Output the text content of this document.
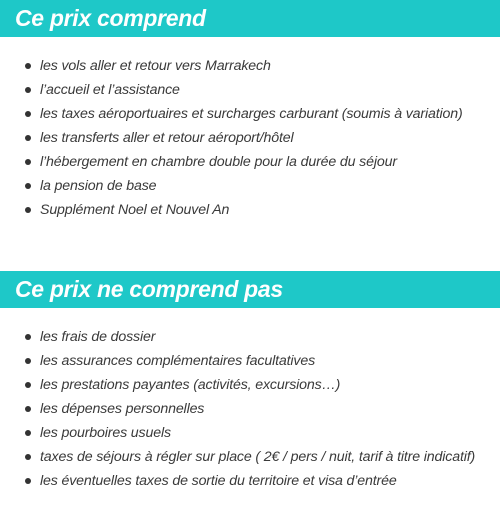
Ce prix comprend
les vols aller et retour vers Marrakech
l’accueil et l’assistance
les taxes aéroportuaires et surcharges carburant (soumis à variation)
les transferts aller et retour aéroport/hôtel
l’hébergement en chambre double pour la durée du séjour
la pension de base
Supplément Noel et Nouvel An
Ce prix ne comprend pas
les frais de dossier
les assurances complémentaires facultatives
les prestations payantes (activités, excursions…)
les dépenses personnelles
les pourboires usuels
taxes de séjours à régler sur place ( 2€ / pers / nuit, tarif à titre indicatif)
les éventuelles taxes de sortie du territoire et visa d’entrée
